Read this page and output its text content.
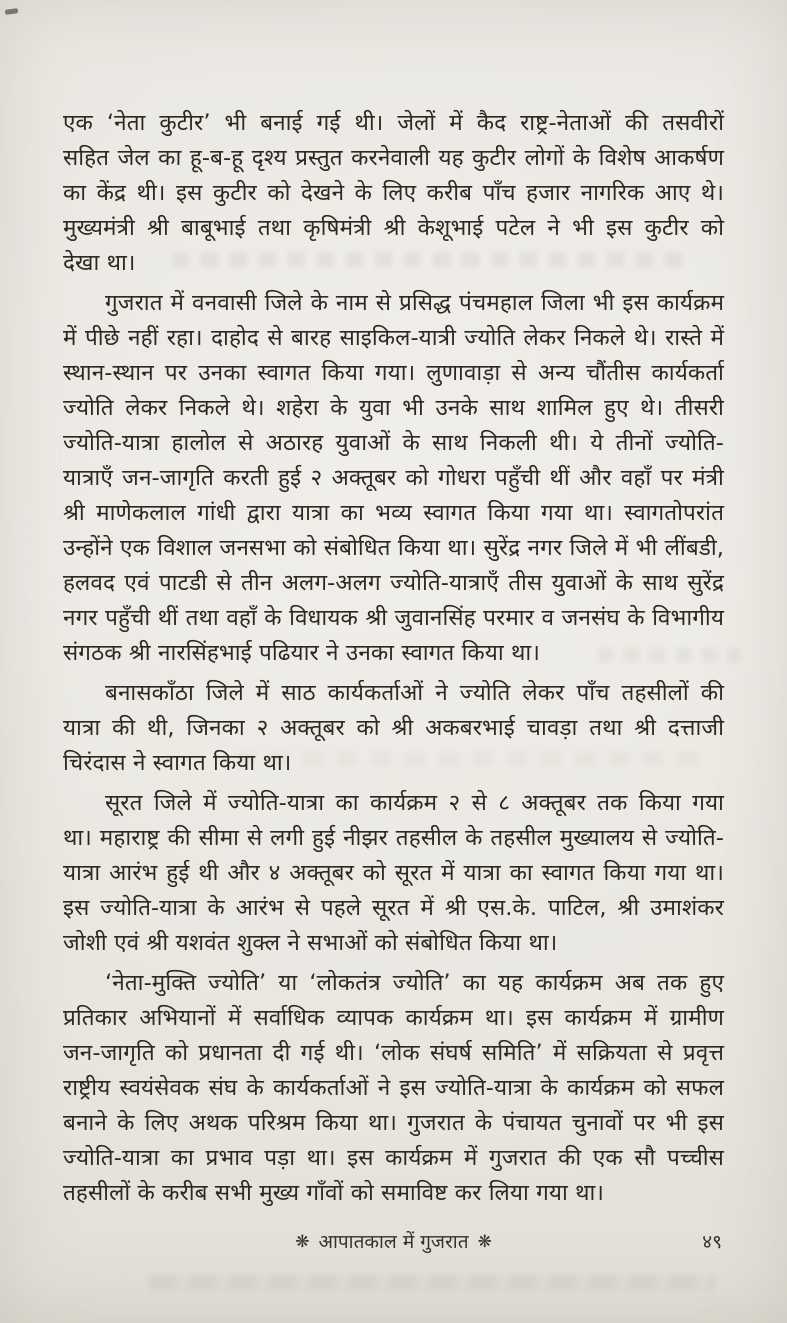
एक ‘नेता कुटीर’ भी बनाई गई थी। जेलों में कैद राष्ट्र-नेताओं की तसवीरों
सहित जेल का हू-ब-हू दृश्य प्रस्तुत करनेवाली यह कुटीर लोगों के विशेष आकर्षण
का केंद्र थी। इस कुटीर को देखने के लिए करीब पाँच हजार नागरिक आए थे।
मुख्यमंत्री श्री बाबूभाई तथा कृषिमंत्री श्री केशूभाई पटेल ने भी इस कुटीर को
देखा था।
गुजरात में वनवासी जिले के नाम से प्रसिद्ध पंचमहाल जिला भी इस कार्यक्रम
में पीछे नहीं रहा। दाहोद से बारह साइकिल-यात्री ज्योति लेकर निकले थे। रास्ते में
स्थान-स्थान पर उनका स्वागत किया गया। लुणावाड़ा से अन्य चौंतीस कार्यकर्ता
ज्योति लेकर निकले थे। शहेरा के युवा भी उनके साथ शामिल हुए थे। तीसरी
ज्योति-यात्रा हालोल से अठारह युवाओं के साथ निकली थी। ये तीनों ज्योति-
यात्राएँ जन-जागृति करती हुई २ अक्तूबर को गोधरा पहुँची थीं और वहाँ पर मंत्री
श्री माणेकलाल गांधी द्वारा यात्रा का भव्य स्वागत किया गया था। स्वागतोपरांत
उन्होंने एक विशाल जनसभा को संबोधित किया था। सुरेंद्र नगर जिले में भी लींबडी,
हलवद एवं पाटडी से तीन अलग-अलग ज्योति-यात्राएँ तीस युवाओं के साथ सुरेंद्र
नगर पहुँची थीं तथा वहाँ के विधायक श्री जुवानसिंह परमार व जनसंघ के विभागीय
संगठक श्री नारसिंहभाई पढियार ने उनका स्वागत किया था।
बनासकाँठा जिले में साठ कार्यकर्ताओं ने ज्योति लेकर पाँच तहसीलों की
यात्रा की थी, जिनका २ अक्तूबर को श्री अकबरभाई चावड़ा तथा श्री दत्ताजी
चिरंदास ने स्वागत किया था।
सूरत जिले में ज्योति-यात्रा का कार्यक्रम २ से ८ अक्तूबर तक किया गया
था। महाराष्ट्र की सीमा से लगी हुई नीझर तहसील के तहसील मुख्यालय से ज्योति-
यात्रा आरंभ हुई थी और ४ अक्तूबर को सूरत में यात्रा का स्वागत किया गया था।
इस ज्योति-यात्रा के आरंभ से पहले सूरत में श्री एस.के. पाटिल, श्री उमाशंकर
जोशी एवं श्री यशवंत शुक्ल ने सभाओं को संबोधित किया था।
‘नेता-मुक्ति ज्योति’ या ‘लोकतंत्र ज्योति’ का यह कार्यक्रम अब तक हुए
प्रतिकार अभियानों में सर्वाधिक व्यापक कार्यक्रम था। इस कार्यक्रम में ग्रामीण
जन-जागृति को प्रधानता दी गई थी। ‘लोक संघर्ष समिति’ में सक्रियता से प्रवृत्त
राष्ट्रीय स्वयंसेवक संघ के कार्यकर्ताओं ने इस ज्योति-यात्रा के कार्यक्रम को सफल
बनाने के लिए अथक परिश्रम किया था। गुजरात के पंचायत चुनावों पर भी इस
ज्योति-यात्रा का प्रभाव पड़ा था। इस कार्यक्रम में गुजरात की एक सौ पच्चीस
तहसीलों के करीब सभी मुख्य गाँवों को समाविष्ट कर लिया गया था।
❋ आपातकाल में गुजरात ❋	४९
